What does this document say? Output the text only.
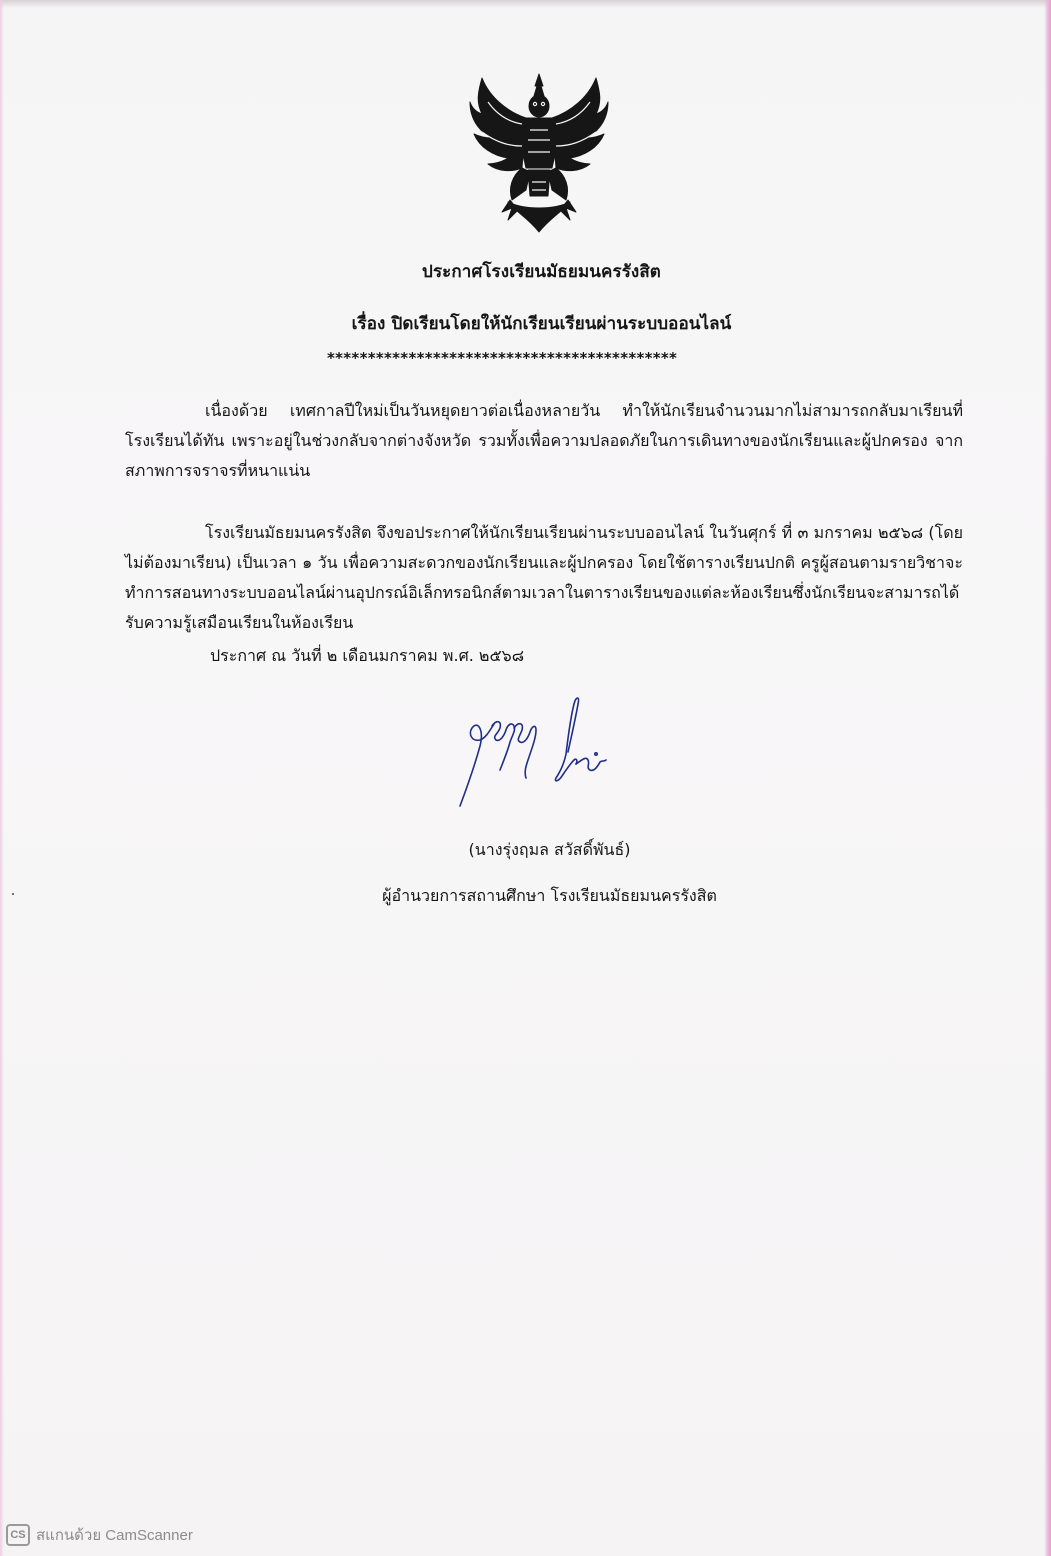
ประกาศโรงเรียนมัธยมนครรังสิต
เรื่อง ปิดเรียนโดยให้นักเรียนเรียนผ่านระบบออนไลน์
*******************************************
เนื่องด้วย เทศกาลปีใหม่เป็นวันหยุดยาวต่อเนื่องหลายวัน ทำให้นักเรียนจำนวนมากไม่สามารถกลับมาเรียนที่โรงเรียนได้ทัน เพราะอยู่ในช่วงกลับจากต่างจังหวัด รวมทั้งเพื่อความปลอดภัยในการเดินทางของนักเรียนและผู้ปกครอง จากสภาพการจราจรที่หนาแน่น
โรงเรียนมัธยมนครรังสิต จึงขอประกาศให้นักเรียนเรียนผ่านระบบออนไลน์ ในวันศุกร์ ที่ ๓ มกราคม ๒๕๖๘ (โดยไม่ต้องมาเรียน) เป็นเวลา ๑ วัน เพื่อความสะดวกของนักเรียนและผู้ปกครอง โดยใช้ตารางเรียนปกติ ครูผู้สอนตามรายวิชาจะทำการสอนทางระบบออนไลน์ผ่านอุปกรณ์อิเล็กทรอนิกส์ตามเวลาในตารางเรียนของแต่ละห้องเรียนซึ่งนักเรียนจะสามารถได้รับความรู้เสมือนเรียนในห้องเรียน
ประกาศ ณ วันที่ ๒ เดือนมกราคม พ.ศ. ๒๕๖๘
(นางรุ่งฤมล สวัสดิ์พันธ์)
ผู้อำนวยการสถานศึกษา โรงเรียนมัธยมนครรังสิต
CS สแกนด้วย CamScanner
